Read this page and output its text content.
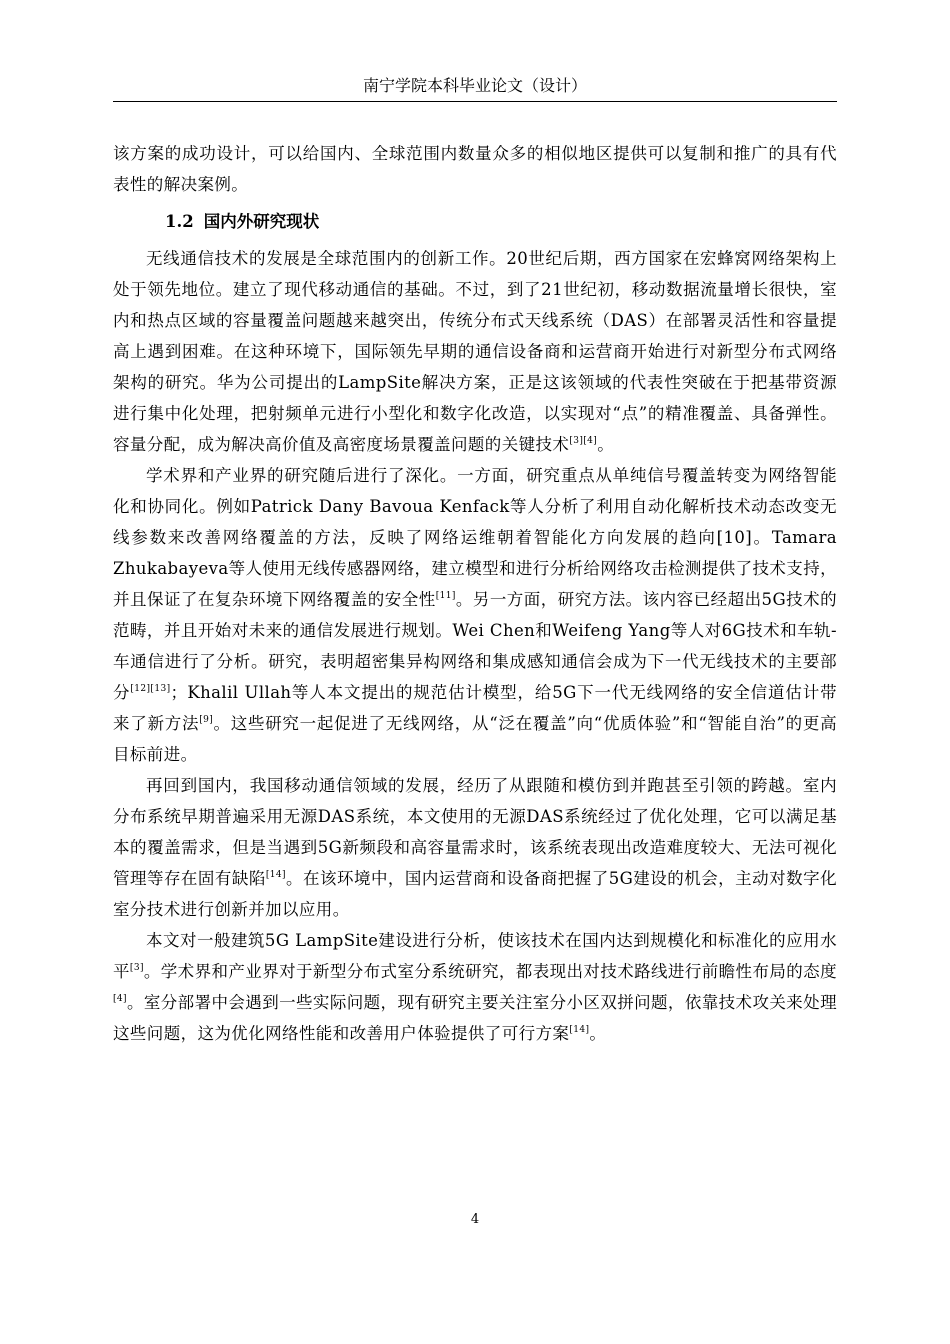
南宁学院本科毕业论文（设计）

该方案的成功设计，可以给国内、全球范围内数量众多的相似地区提供可以复制和推广的具有代表性的解决案例。

1.2 国内外研究现状

无线通信技术的发展是全球范围内的创新工作。20世纪后期，西方国家在宏蜂窝网络架构上处于领先地位。建立了现代移动通信的基础。不过，到了21世纪初，移动数据流量增长很快，室内和热点区域的容量覆盖问题越来越突出，传统分布式天线系统（DAS）在部署灵活性和容量提高上遇到困难。在这种环境下，国际领先早期的通信设备商和运营商开始进行对新型分布式网络架构的研究。华为公司提出的LampSite解决方案，正是这该领域的代表性突破在于把基带资源进行集中化处理，把射频单元进行小型化和数字化改造，以实现对“点”的精准覆盖、具备弹性。容量分配，成为解决高价值及高密度场景覆盖问题的关键技术[3][4]。

学术界和产业界的研究随后进行了深化。一方面，研究重点从单纯信号覆盖转变为网络智能化和协同化。例如Patrick Dany Bavoua Kenfack等人分析了利用自动化解析技术动态改变无线参数来改善网络覆盖的方法，反映了网络运维朝着智能化方向发展的趋向[10]。Tamara Zhukabayeva等人使用无线传感器网络，建立模型和进行分析给网络攻击检测提供了技术支持，并且保证了在复杂环境下网络覆盖的安全性[11]。另一方面，研究方法。该内容已经超出5G技术的范畴，并且开始对未来的通信发展进行规划。Wei Chen和Weifeng Yang等人对6G技术和车轨-车通信进行了分析。研究，表明超密集异构网络和集成感知通信会成为下一代无线技术的主要部分[12][13]；Khalil Ullah等人本文提出的规范估计模型，给5G下一代无线网络的安全信道估计带来了新方法[9]。这些研究一起促进了无线网络，从“泛在覆盖”向“优质体验”和“智能自治”的更高目标前进。

再回到国内，我国移动通信领域的发展，经历了从跟随和模仿到并跑甚至引领的跨越。室内分布系统早期普遍采用无源DAS系统，本文使用的无源DAS系统经过了优化处理，它可以满足基本的覆盖需求，但是当遇到5G新频段和高容量需求时，该系统表现出改造难度较大、无法可视化管理等存在固有缺陷[14]。在该环境中，国内运营商和设备商把握了5G建设的机会，主动对数字化室分技术进行创新并加以应用。

本文对一般建筑5G LampSite建设进行分析，使该技术在国内达到规模化和标准化的应用水平[3]。学术界和产业界对于新型分布式室分系统研究，都表现出对技术路线进行前瞻性布局的态度[4]。室分部署中会遇到一些实际问题，现有研究主要关注室分小区双拼问题，依靠技术攻关来处理这些问题，这为优化网络性能和改善用户体验提供了可行方案[14]。

4
